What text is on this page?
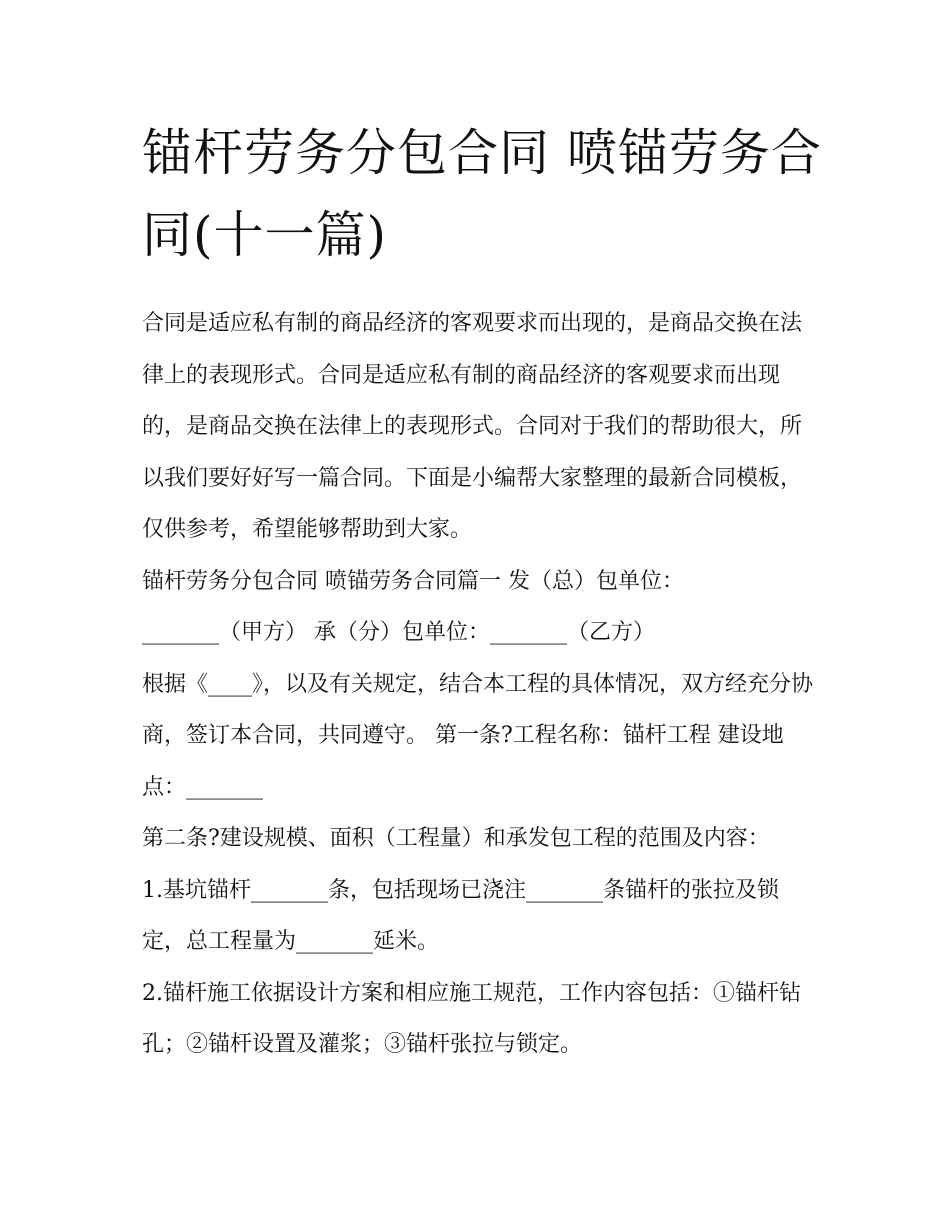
锚杆劳务分包合同 喷锚劳务合同(十一篇)

合同是适应私有制的商品经济的客观要求而出现的，是商品交换在法律上的表现形式。合同是适应私有制的商品经济的客观要求而出现的，是商品交换在法律上的表现形式。合同对于我们的帮助很大，所以我们要好好写一篇合同。下面是小编帮大家整理的最新合同模板，仅供参考，希望能够帮助到大家。

锚杆劳务分包合同 喷锚劳务合同篇一 发（总）包单位：

_______（甲方） 承（分）包单位：_______（乙方）

根据《____》，以及有关规定，结合本工程的具体情况，双方经充分协商，签订本合同，共同遵守。 第一条?工程名称：锚杆工程 建设地点：_______

第二条?建设规模、面积（工程量）和承发包工程的范围及内容：

1.基坑锚杆_______条，包括现场已浇注_______条锚杆的张拉及锁定，总工程量为_______延米。

2.锚杆施工依据设计方案和相应施工规范，工作内容包括：①锚杆钻孔；②锚杆设置及灌浆；③锚杆张拉与锁定。
